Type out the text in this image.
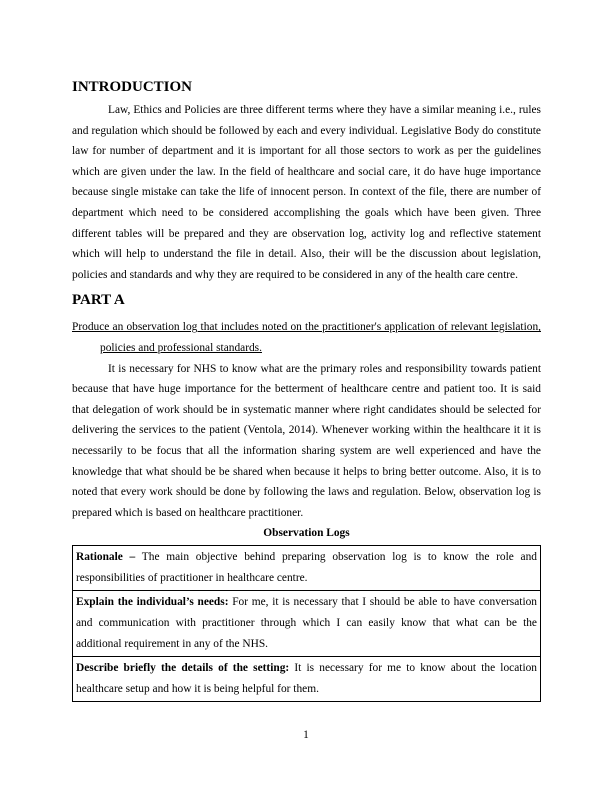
INTRODUCTION

Law, Ethics and Policies are three different terms where they have a similar meaning i.e., rules and regulation which should be followed by each and every individual. Legislative Body do constitute law for number of department and it is important for all those sectors to work as per the guidelines which are given under the law. In the field of healthcare and social care, it do have huge importance because single mistake can take the life of innocent person. In context of the file, there are number of department which need to be considered accomplishing the goals which have been given. Three different tables will be prepared and they are observation log, activity log and reflective statement which will help to understand the file in detail. Also, their will be the discussion about legislation, policies and standards and why they are required to be considered in any of the health care centre.

PART A

Produce an observation log that includes noted on the practitioner's application of relevant legislation, policies and professional standards.

It is necessary for NHS to know what are the primary roles and responsibility towards patient because that have huge importance for the betterment of healthcare centre and patient too. It is said that delegation of work should be in systematic manner where right candidates should be selected for delivering the services to the patient (Ventola, 2014). Whenever working within the healthcare it it is necessarily to be focus that all the information sharing system are well experienced and have the knowledge that what should be be shared when because it helps to bring better outcome. Also, it is to noted that every work should be done by following the laws and regulation. Below, observation log is prepared which is based on healthcare practitioner.

Observation Logs
Rationale – The main objective behind preparing observation log is to know the role and responsibilities of practitioner in healthcare centre.
Explain the individual’s needs: For me, it is necessary that I should be able to have conversation and communication with practitioner through which I can easily know that what can be the additional requirement in any of the NHS.
Describe briefly the details of the setting: It is necessary for me to know about the location healthcare setup and how it is being helpful for them.
1
